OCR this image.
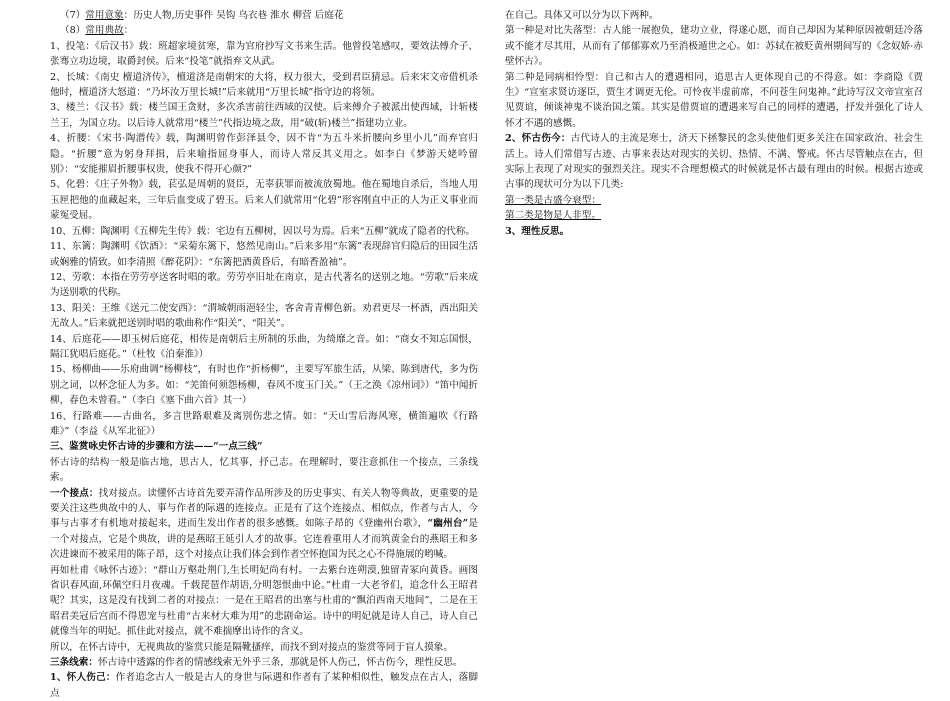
（7）常用意象：历史人物,历史事件 吴钩 乌衣巷 淮水 柳营 后庭花

（8）常用典故：

1、投笔：《后汉书》载：班超家境贫寒，靠为官府抄写文书来生活。他曾投笔感叹，要效法傅介子、张骞立功边境，取爵封侯。后来“投笔”就指弃文从武。

2、长城：《南史 檀道济传》，檀道济是南朝宋的大将，权力很大，受到君臣猜忌。后来宋文帝借机杀他时，檀道济大怒道：“乃坏汝万里长城!”后来就用“万里长城”指守边的将领。

3、楼兰：《汉书》载：楼兰国王贪财，多次杀害前往西域的汉使。后来傅介子被派出使西域，计斩楼兰王，为国立功。以后诗人就常用“楼兰”代指边境之敌，用“破(斩)楼兰”指建功立业。

4、折腰：《宋书·陶潜传》载，陶渊明曾作彭泽县令，因不肯“为五斗米折腰向乡里小儿”而弃官归隐。“折腰”意为躬身拜揖，后来喻指屈身事人，而诗人常反其义用之。如李白《梦游天姥吟留别》：“安能摧眉折腰事权贵，使我不得开心颜?”

5、化碧：《庄子外物》载，苌弘是周朝的贤臣，无辜获罪而被流放蜀地。他在蜀地自杀后，当地人用玉匣把他的血藏起来，三年后血变成了碧玉。后来人们就常用“化碧”形容刚直中正的人为正义事业而蒙冤受屈。

10、五柳：陶渊明《五柳先生传》载：宅边有五柳树，因以号为焉。后来“五柳”就成了隐者的代称。

11、东篱：陶渊明《饮酒》：“采菊东篱下，悠然见南山。”后来多用“东篱”表现辞官归隐后的田园生活或娴雅的情致。如李清照《醉花阴》：“东篱把酒黄昏后，有暗香盈袖”。

12、劳歌：本指在劳劳亭送客时唱的歌。劳劳亭旧址在南京，是古代著名的送别之地。“劳歌”后来成为送别歌的代称。

13、阳关：王维《送元二使安西》：“渭城朝雨浥轻尘，客舍青青柳色新。劝君更尽一杯酒，西出阳关无故人。”后来就把送别时唱的歌曲称作“阳关”、“阳关”。

14、后庭花——即玉树后庭花，相传是南朝后主所制的乐曲，为绮靡之音。如：“商女不知忘国恨，隔江犹唱后庭花。”（杜牧《泊秦淮》）

15、杨柳曲——乐府曲调“杨柳枝”，有时也作“折杨柳”，主要写军旅生活，从梁、陈到唐代，多为伤别之词，以杯念征人为多。如：“羌笛何须怨杨柳，春风不度玉门关。”（王之涣《凉州词》）“笛中闻折柳，春色未曾看。”（李白《塞下曲六首》其一）

16、行路难——古曲名，多言世路艰难及离别伤悲之情。如：“天山雪后海风寒，横笛遍吹《行路难》”（李益《从军北征》）

三、鉴赏咏史怀古诗的步骤和方法——“一点三线”

怀古诗的结构一般是临古地，思古人，忆其事，抒己志。在理解时，要注意抓住一个接点，三条线索。

一个接点：找对接点。读懂怀古诗首先要弄清作品所涉及的历史事实、有关人物等典故，更重要的是要关注这些典故中的人、事与作者的际遇的连接点。正是有了这个连接点、相似点，作者与古人，今事与古事才有机地对接起来，进而生发出作者的很多感慨。如陈子昂的《登幽州台歌》，“幽州台”是一个对接点，它是个典故，讲的是燕昭王延引人才的故事。它连着重用人才而筑黄金台的燕昭王和多次进谏而不被采用的陈子昂，这个对接点让我们体会到作者空怀抱国为民之心不得施展的哟喊。

再如杜甫《咏怀古迹》：“群山万壑赴荆门,生长明妃尚有村。一去紫台连朔漠,独留青冢向黄昏。画图省识春风面,环佩空归月夜魂。千载琵琶作胡语,分明怨恨曲中论。”杜甫一大老爷们，追念什么王昭君呢？其实，这是没有找到二者的对接点：一是在王昭君的出塞与杜甫的“飘泊西南天地间”，二是在王昭君美冠后宫而不得恩宠与杜甫“古来材大难为用”的悲剧命运。诗中的明妃就是诗人自己，诗人自己就像当年的明妃。抓住此对接点，就不难揣摩出诗作的含义。

所以，在怀古诗中，无视典故的鉴赏只能是隔靴搔痒，而找不到对接点的鉴赏等同于盲人摸象。

三条线索：怀古诗中透露的作者的情感线索无外乎三条，那就是怀人伤己，怀古伤今，理性反思。

1、怀人伤己：作者追念古人一般是古人的身世与际遇和作者有了某种相似性，触发点在古人，落脚点

在自己。具体又可以分为以下两种。

第一种是对比失落型：古人能一展抱负，建功立业，得遂心愿，而自己却因为某种原因被朝廷冷落或不能才尽其用，从而有了郁郁寡欢乃至消极遁世之心。如：苏轼在被贬黄州期间写的《念奴娇·赤壁怀古》。

第二种是同病相怜型：自己和古人的遭遇相同，追思古人更体现自己的不得意。如：李商隐《贾生》“宣室求贤访逐臣，贾生才调更无伦。可怜夜半虚前席，不问苍生问鬼神。”此诗写汉文帝宣室召见贾谊，倾谈神鬼不谈治国之策。其实是借贾谊的遭遇来写自己的同样的遭遇，抒发并强化了诗人怀才不遇的感慨。

2、怀古伤今：古代诗人的主流是寒士，济天下拯黎民的念头使他们更多关注在国家政治、社会生活上。诗人们常借写古迹、古事来表达对现实的关切、热情、不满、警戒。怀古尽管触点在古，但实际上表现了对现实的强烈关注。现实不合理想模式的时候就是怀古最有理由的时候。根据古迹或古事的现状可分为以下几类:

第一类是古盛今衰型：

第二类是物是人非型。

3、理性反思。
